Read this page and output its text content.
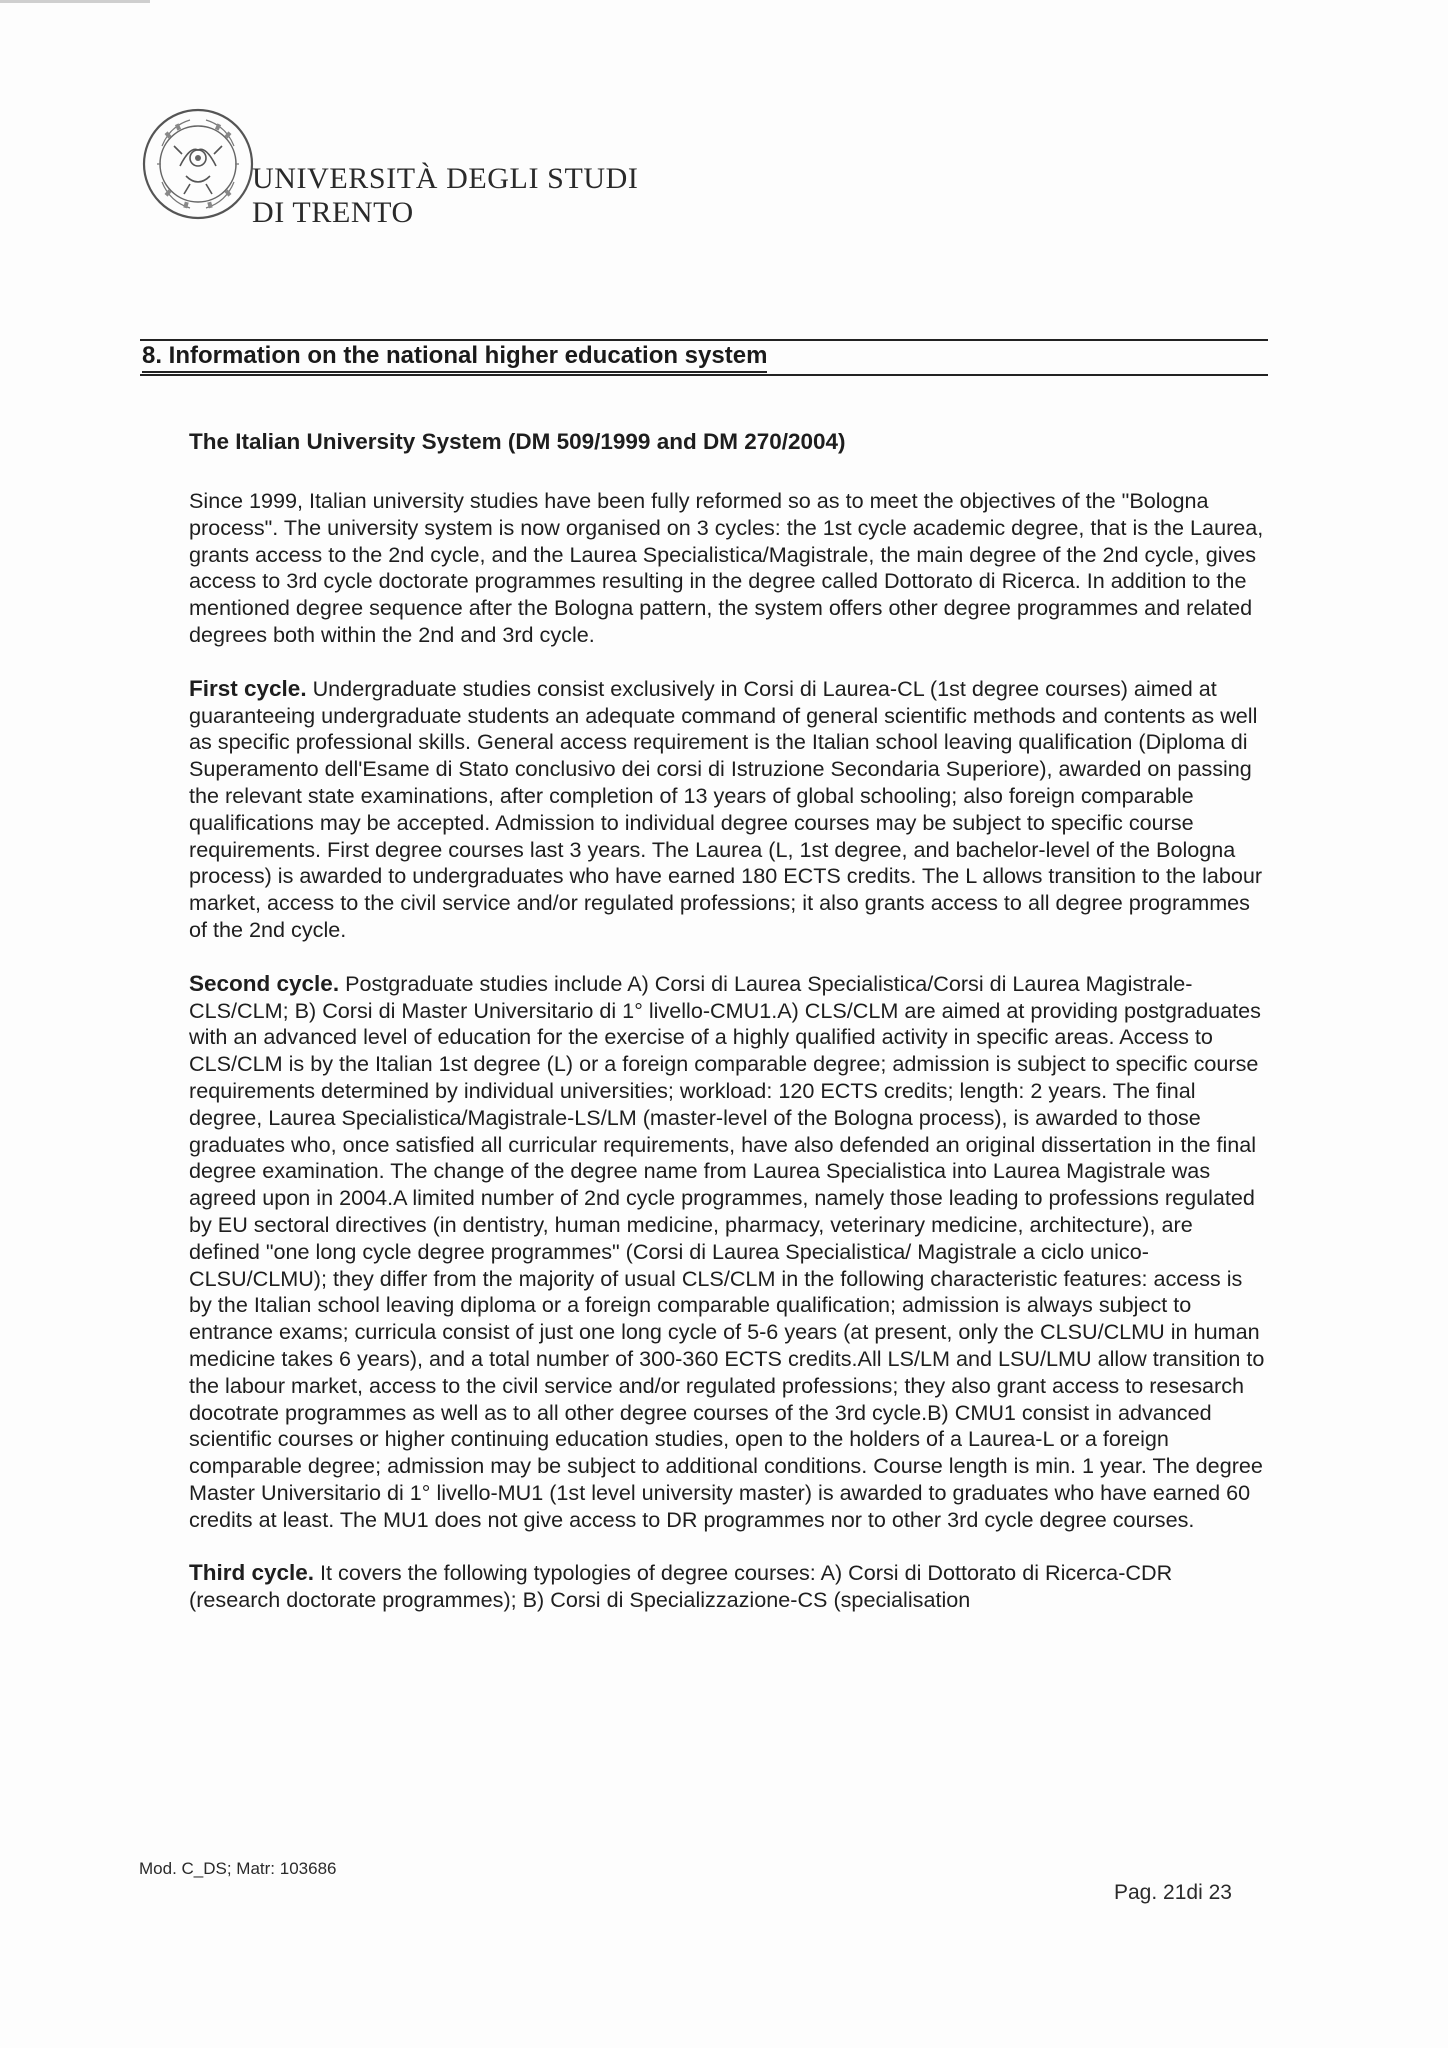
UNIVERSITÀ DEGLI STUDI
DI TRENTO
8. Information on the national higher education system
The Italian University System (DM 509/1999 and DM 270/2004)

Since 1999, Italian university studies have been fully reformed so as to meet the objectives of the "Bologna process". The university system is now organised on 3 cycles: the 1st cycle academic degree, that is the Laurea, grants access to the 2nd cycle, and the Laurea Specialistica/Magistrale, the main degree of the 2nd cycle, gives access to 3rd cycle doctorate programmes resulting in the degree called Dottorato di Ricerca. In addition to the mentioned degree sequence after the Bologna pattern, the system offers other degree programmes and related degrees both within the 2nd and 3rd cycle.

First cycle. Undergraduate studies consist exclusively in Corsi di Laurea-CL (1st degree courses) aimed at guaranteeing undergraduate students an adequate command of general scientific methods and contents as well as specific professional skills. General access requirement is the Italian school leaving qualification (Diploma di Superamento dell'Esame di Stato conclusivo dei corsi di Istruzione Secondaria Superiore), awarded on passing the relevant state examinations, after completion of 13 years of global schooling; also foreign comparable qualifications may be accepted. Admission to individual degree courses may be subject to specific course requirements. First degree courses last 3 years. The Laurea (L, 1st degree, and bachelor-level of the Bologna process) is awarded to undergraduates who have earned 180 ECTS credits. The L allows transition to the labour market, access to the civil service and/or regulated professions; it also grants access to all degree programmes of the 2nd cycle.

Second cycle. Postgraduate studies include A) Corsi di Laurea Specialistica/Corsi di Laurea Magistrale-CLS/CLM; B) Corsi di Master Universitario di 1° livello-CMU1.A) CLS/CLM are aimed at providing postgraduates with an advanced level of education for the exercise of a highly qualified activity in specific areas. Access to CLS/CLM is by the Italian 1st degree (L) or a foreign comparable degree; admission is subject to specific course requirements determined by individual universities; workload: 120 ECTS credits; length: 2 years. The final degree, Laurea Specialistica/Magistrale-LS/LM (master-level of the Bologna process), is awarded to those graduates who, once satisfied all curricular requirements, have also defended an original dissertation in the final degree examination. The change of the degree name from Laurea Specialistica into Laurea Magistrale was agreed upon in 2004.A limited number of 2nd cycle programmes, namely those leading to professions regulated by EU sectoral directives (in dentistry, human medicine, pharmacy, veterinary medicine, architecture), are defined "one long cycle degree programmes" (Corsi di Laurea Specialistica/ Magistrale a ciclo unico-CLSU/CLMU); they differ from the majority of usual CLS/CLM in the following characteristic features: access is by the Italian school leaving diploma or a foreign comparable qualification; admission is always subject to entrance exams; curricula consist of just one long cycle of 5-6 years (at present, only the CLSU/CLMU in human medicine takes 6 years), and a total number of 300-360 ECTS credits.All LS/LM and LSU/LMU allow transition to the labour market, access to the civil service and/or regulated professions; they also grant access to resesarch docotrate programmes as well as to all other degree courses of the 3rd cycle.B) CMU1 consist in advanced scientific courses or higher continuing education studies, open to the holders of a Laurea-L or a foreign comparable degree; admission may be subject to additional conditions. Course length is min. 1 year. The degree Master Universitario di 1° livello-MU1 (1st level university master) is awarded to graduates who have earned 60 credits at least. The MU1 does not give access to DR programmes nor to other 3rd cycle degree courses.

Third cycle. It covers the following typologies of degree courses: A) Corsi di Dottorato di Ricerca-CDR (research doctorate programmes); B) Corsi di Specializzazione-CS (specialisation

Mod. C_DS; Matr: 103686
Pag. 21di 23
